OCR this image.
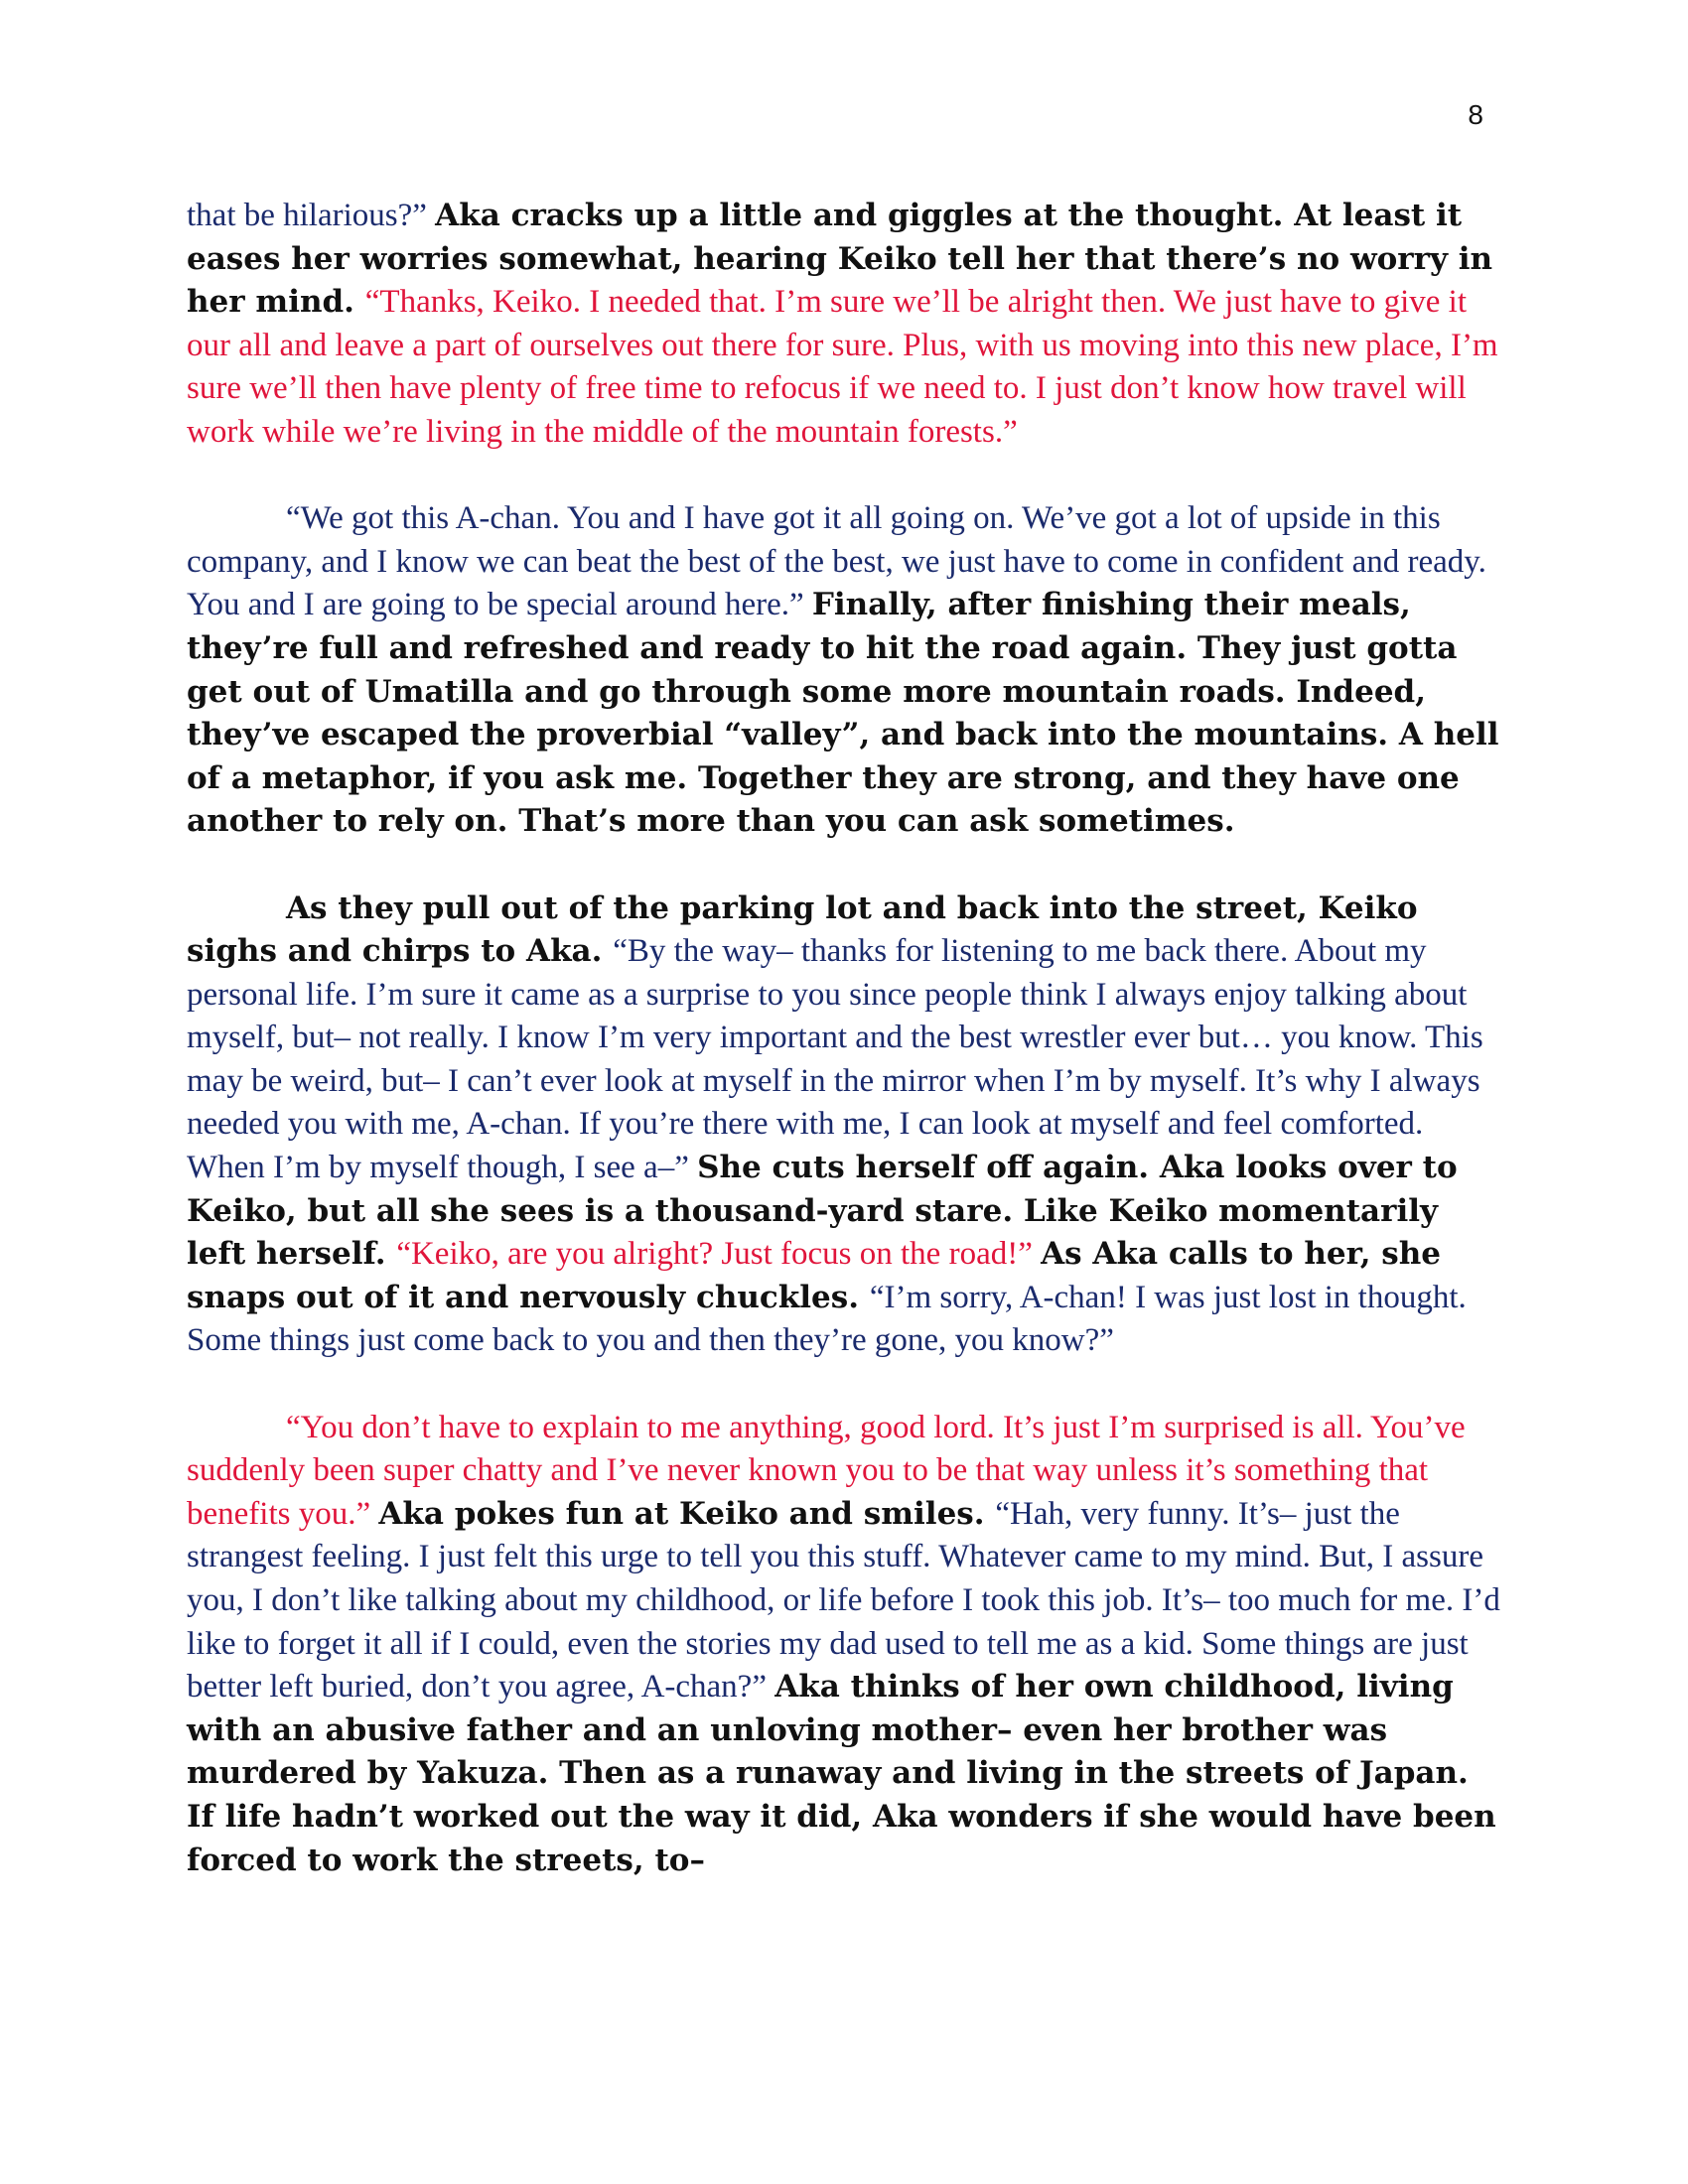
8

that be hilarious?” Aka cracks up a little and giggles at the thought. At least it eases her worries somewhat, hearing Keiko tell her that there’s no worry in her mind. “Thanks, Keiko. I needed that. I’m sure we’ll be alright then. We just have to give it our all and leave a part of ourselves out there for sure. Plus, with us moving into this new place, I’m sure we’ll then have plenty of free time to refocus if we need to. I just don’t know how travel will work while we’re living in the middle of the mountain forests.”

“We got this A-chan. You and I have got it all going on. We’ve got a lot of upside in this company, and I know we can beat the best of the best, we just have to come in confident and ready. You and I are going to be special around here.” Finally, after finishing their meals, they’re full and refreshed and ready to hit the road again. They just gotta get out of Umatilla and go through some more mountain roads. Indeed, they’ve escaped the proverbial “valley”, and back into the mountains. A hell of a metaphor, if you ask me. Together they are strong, and they have one another to rely on. That’s more than you can ask sometimes.

As they pull out of the parking lot and back into the street, Keiko sighs and chirps to Aka. “By the way– thanks for listening to me back there. About my personal life. I’m sure it came as a surprise to you since people think I always enjoy talking about myself, but– not really. I know I’m very important and the best wrestler ever but… you know. This may be weird, but– I can’t ever look at myself in the mirror when I’m by myself. It’s why I always needed you with me, A-chan. If you’re there with me, I can look at myself and feel comforted. When I’m by myself though, I see a–” She cuts herself off again. Aka looks over to Keiko, but all she sees is a thousand-yard stare. Like Keiko momentarily left herself. “Keiko, are you alright? Just focus on the road!” As Aka calls to her, she snaps out of it and nervously chuckles. “I’m sorry, A-chan! I was just lost in thought. Some things just come back to you and then they’re gone, you know?”

“You don’t have to explain to me anything, good lord. It’s just I’m surprised is all. You’ve suddenly been super chatty and I’ve never known you to be that way unless it’s something that benefits you.” Aka pokes fun at Keiko and smiles. “Hah, very funny. It’s– just the strangest feeling. I just felt this urge to tell you this stuff. Whatever came to my mind. But, I assure you, I don’t like talking about my childhood, or life before I took this job. It’s– too much for me. I’d like to forget it all if I could, even the stories my dad used to tell me as a kid. Some things are just better left buried, don’t you agree, A-chan?” Aka thinks of her own childhood, living with an abusive father and an unloving mother– even her brother was murdered by Yakuza. Then as a runaway and living in the streets of Japan. If life hadn’t worked out the way it did, Aka wonders if she would have been forced to work the streets, to–
